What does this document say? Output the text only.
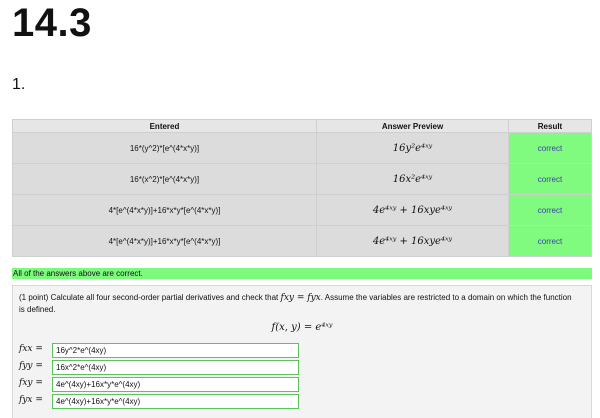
14.3
1.
Entered	Answer Preview	Result
16*(y^2)*[e^(4*x*y)]	16y²e⁴ˣʸ	correct
16*(x^2)*[e^(4*x*y)]	16x²e⁴ˣʸ	correct
4*[e^(4*x*y)]+16*x*y*[e^(4*x*y)]	4e⁴ˣʸ + 16xye⁴ˣʸ	correct
4*[e^(4*x*y)]+16*x*y*[e^(4*x*y)]	4e⁴ˣʸ + 16xye⁴ˣʸ	correct
All of the answers above are correct.
(1 point) Calculate all four second-order partial derivatives and check that fxy = fyx. Assume the variables are restricted to a domain on which the function is defined.
f(x, y) = e⁴ˣʸ
fxx =	16y^2*e^(4xy)
fyy =	16x^2*e^(4xy)
fxy =	4e^(4xy)+16x*y*e^(4xy)
fyx =	4e^(4xy)+16x*y*e^(4xy)
